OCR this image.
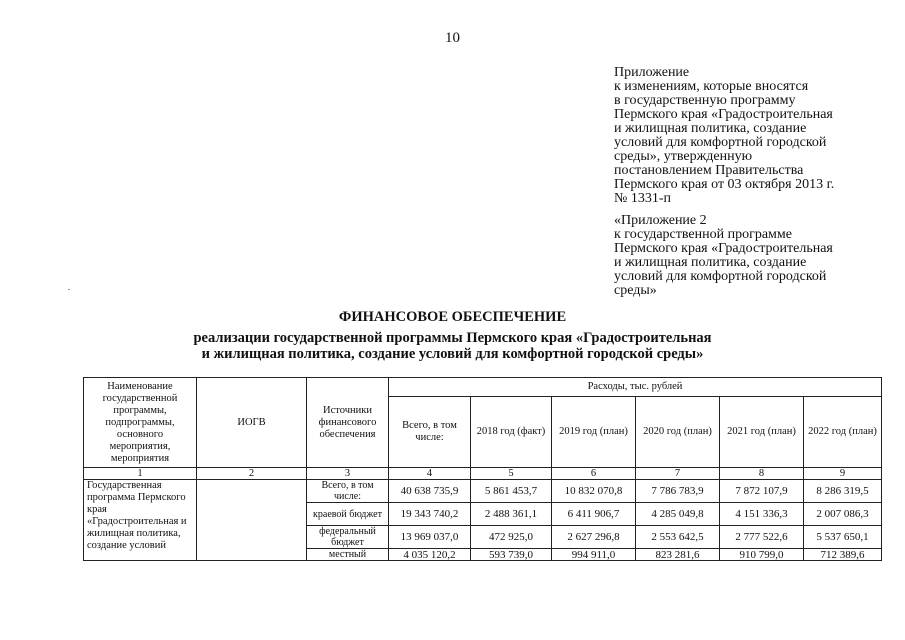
10
Приложение
к изменениям, которые вносятся
в государственную программу
Пермского края «Градостроительная
и жилищная политика, создание
условий для комфортной городской
среды», утвержденную
постановлением Правительства
Пермского края от 03 октября 2013 г.
№ 1331-п
«Приложение 2
к государственной программе
Пермского края «Градостроительная
и жилищная политика, создание
условий для комфортной городской
среды»
ФИНАНСОВОЕ ОБЕСПЕЧЕНИЕ
реализации государственной программы Пермского края «Градостроительная
и жилищная политика, создание условий для комфортной городской среды»
Наименование государственной программы, подпрограммы, основного мероприятия, мероприятия	ИОГВ	Источники финансового обеспечения	Расходы, тыс. рублей					
			Всего, в том числе:	2018 год (факт)	2019 год (план)	2020 год (план)	2021 год (план)	2022 год (план)
1	2	3	4	5	6	7	8	9
Государственная программа Пермского края «Градостроительная и жилищная политика, создание условий		Всего, в том числе:	40 638 735,9	5 861 453,7	10 832 070,8	7 786 783,9	7 872 107,9	8 286 319,5
		краевой бюджет	19 343 740,2	2 488 361,1	6 411 906,7	4 285 049,8	4 151 336,3	2 007 086,3
		федеральный бюджет	13 969 037,0	472 925,0	2 627 296,8	2 553 642,5	2 777 522,6	5 537 650,1
		местный	4 035 120,2	593 739,0	994 911,0	823 281,6	910 799,0	712 389,6
